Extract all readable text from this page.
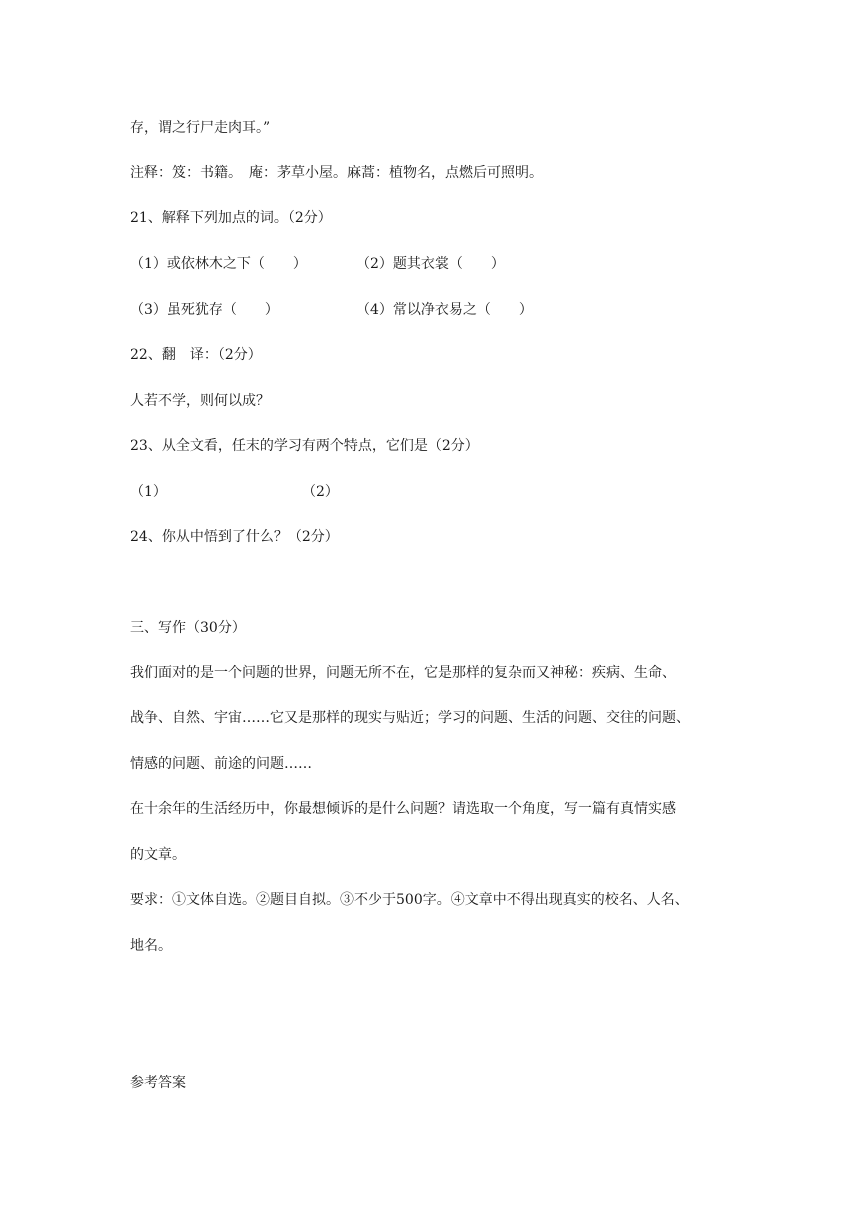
存，谓之行尸走肉耳。”
注释：笈：书籍。　庵：茅草小屋。麻蒿：植物名，点燃后可照明。
21、解释下列加点的词。（2分）
（1）或依林木之下（　　）	（2）题其衣裳（　　）
（3）虽死犹存（　　）	（4）常以净衣易之（　　）
22、翻　译：（2分）
人若不学，则何以成？
23、从全文看，任末的学习有两个特点，它们是（2分）
（1）	（2）
24、你从中悟到了什么？（2分）
三、写作（30分）
我们面对的是一个问题的世界，问题无所不在，它是那样的复杂而又神秘：疾病、生命、
战争、自然、宇宙……它又是那样的现实与贴近；学习的问题、生活的问题、交往的问题、
情感的问题、前途的问题……
在十余年的生活经历中，你最想倾诉的是什么问题？请选取一个角度，写一篇有真情实感
的文章。
要求：①文体自选。②题目自拟。③不少于500字。④文章中不得出现真实的校名、人名、
地名。
参考答案
